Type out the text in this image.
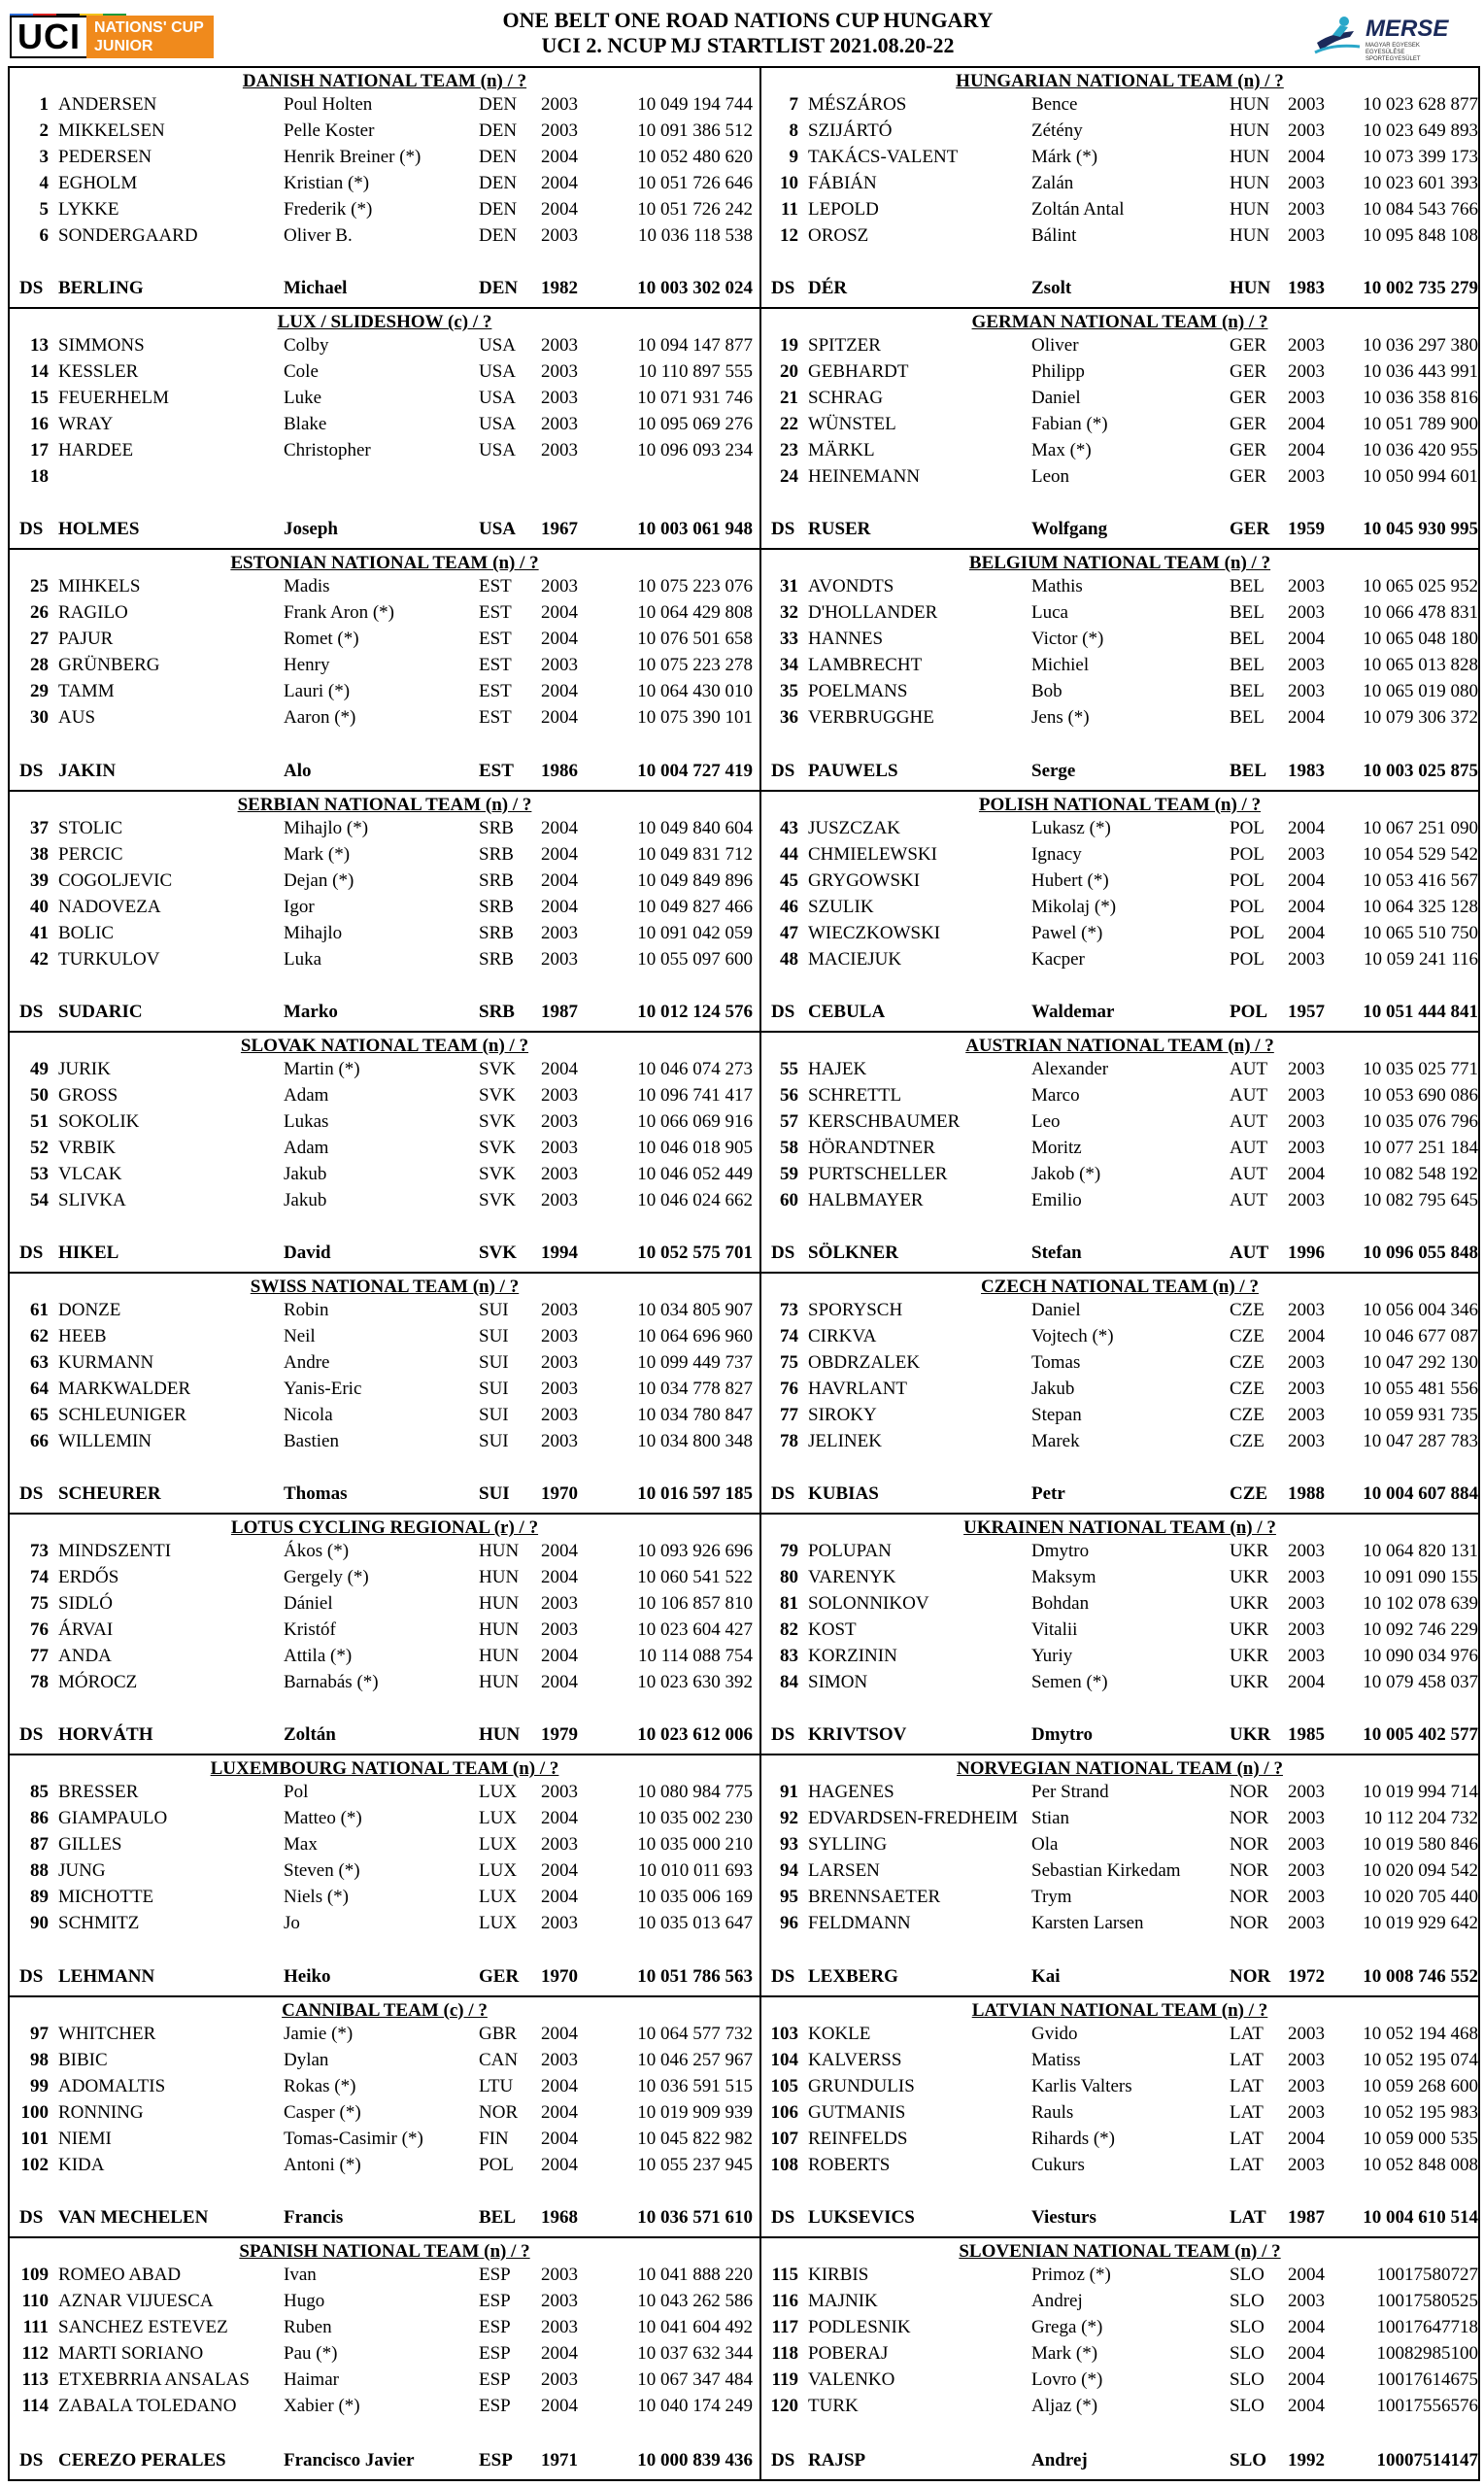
UCI NATIONS' CUP
JUNIOR
ONE BELT ONE ROAD NATIONS CUP HUNGARY
UCI 2. NCUP MJ STARTLIST 2021.08.20-22
MERSE
MAGYAR EGYESEK EGYESÜLÉSE SPORTEGYESÜLET
DANISH NATIONAL TEAM (n) / ?
1 ANDERSEN	Poul Holten	DEN	2003	10 049 194 744
2 MIKKELSEN	Pelle Koster	DEN	2003	10 091 386 512
3 PEDERSEN	Henrik Breiner (*)	DEN	2004	10 052 480 620
4 EGHOLM	Kristian (*)	DEN	2004	10 051 726 646
5 LYKKE	Frederik (*)	DEN	2004	10 051 726 242
6 SONDERGAARD	Oliver B.	DEN	2003	10 036 118 538
DS BERLING	Michael	DEN	1982	10 003 302 024
HUNGARIAN NATIONAL TEAM (n) / ?
7 MÉSZÁROS	Bence	HUN 2003	10 023 628 877
8 SZIJÁRTÓ	Zétény	HUN 2003	10 023 649 893
9 TAKÁCS-VALENT	Márk (*)	HUN 2004	10 073 399 173
10 FÁBIÁN	Zalán	HUN 2003	10 023 601 393
11 LEPOLD	Zoltán Antal	HUN 2003	10 084 543 766
12 OROSZ	Bálint	HUN 2003	10 095 848 108
DS DÉR	Zsolt	HUN 1983	10 002 735 279
LUX / SLIDESHOW (c) / ?
13 SIMMONS	Colby	USA	2003	10 094 147 877
14 KESSLER	Cole	USA	2003	10 110 897 555
15 FEUERHELM	Luke	USA	2003	10 071 931 746
16 WRAY	Blake	USA	2003	10 095 069 276
17 HARDEE	Christopher	USA	2003	10 096 093 234
18
DS HOLMES	Joseph	USA	1967	10 003 061 948
GERMAN NATIONAL TEAM (n) / ?
19 SPITZER	Oliver	GER	2003	10 036 297 380
20 GEBHARDT	Philipp	GER	2003	10 036 443 991
21 SCHRAG	Daniel	GER	2003	10 036 358 816
22 WÜNSTEL	Fabian (*)	GER	2004	10 051 789 900
23 MÄRKL	Max (*)	GER	2004	10 036 420 955
24 HEINEMANN	Leon	GER	2003	10 050 994 601
DS RUSER	Wolfgang	GER 1959	10 045 930 995
ESTONIAN NATIONAL TEAM (n) / ?
25 MIHKELS	Madis	EST	2003	10 075 223 076
26 RAGILO	Frank Aron (*)	EST	2004	10 064 429 808
27 PAJUR	Romet (*)	EST	2004	10 076 501 658
28 GRÜNBERG	Henry	EST	2003	10 075 223 278
29 TAMM	Lauri (*)	EST	2004	10 064 430 010
30 AUS	Aaron (*)	EST	2004	10 075 390 101
DS JAKIN	Alo	EST	1986	10 004 727 419
BELGIUM NATIONAL TEAM (n) / ?
31 AVONDTS	Mathis	BEL	2003	10 065 025 952
32 D'HOLLANDER	Luca	BEL	2003	10 066 478 831
33 HANNES	Victor (*)	BEL	2004	10 065 048 180
34 LAMBRECHT	Michiel	BEL	2003	10 065 013 828
35 POELMANS	Bob	BEL	2003	10 065 019 080
36 VERBRUGGHE	Jens (*)	BEL	2004	10 079 306 372
DS PAUWELS	Serge	BEL	1983	10 003 025 875
SERBIAN NATIONAL TEAM (n) / ?
37 STOLIC	Mihajlo (*)	SRB	2004	10 049 840 604
38 PERCIC	Mark (*)	SRB	2004	10 049 831 712
39 COGOLJEVIC	Dejan (*)	SRB	2004	10 049 849 896
40 NADOVEZA	Igor	SRB	2004	10 049 827 466
41 BOLIC	Mihajlo	SRB	2003	10 091 042 059
42 TURKULOV	Luka	SRB	2003	10 055 097 600
DS SUDARIC	Marko	SRB	1987	10 012 124 576
POLISH NATIONAL TEAM (n) / ?
43 JUSZCZAK	Lukasz (*)	POL	2004	10 067 251 090
44 CHMIELEWSKI	Ignacy	POL	2003	10 054 529 542
45 GRYGOWSKI	Hubert (*)	POL	2004	10 053 416 567
46 SZULIK	Mikolaj (*)	POL	2004	10 064 325 128
47 WIECZKOWSKI	Pawel (*)	POL	2004	10 065 510 750
48 MACIEJUK	Kacper	POL	2003	10 059 241 116
DS CEBULA	Waldemar	POL	1957	10 051 444 841
SLOVAK NATIONAL TEAM (n) / ?
49 JURIK	Martin (*)	SVK	2004	10 046 074 273
50 GROSS	Adam	SVK	2003	10 096 741 417
51 SOKOLIK	Lukas	SVK	2003	10 066 069 916
52 VRBIK	Adam	SVK	2003	10 046 018 905
53 VLCAK	Jakub	SVK	2003	10 046 052 449
54 SLIVKA	Jakub	SVK	2003	10 046 024 662
DS HIKEL	David	SVK	1994	10 052 575 701
AUSTRIAN NATIONAL TEAM (n) / ?
55 HAJEK	Alexander	AUT	2003	10 035 025 771
56 SCHRETTL	Marco	AUT	2003	10 053 690 086
57 KERSCHBAUMER	Leo	AUT	2003	10 035 076 796
58 HÖRANDTNER	Moritz	AUT	2003	10 077 251 184
59 PURTSCHELLER	Jakob (*)	AUT	2004	10 082 548 192
60 HALBMAYER	Emilio	AUT	2003	10 082 795 645
DS SÖLKNER	Stefan	AUT	1996	10 096 055 848
SWISS NATIONAL TEAM (n) / ?
61 DONZE	Robin	SUI	2003	10 034 805 907
62 HEEB	Neil	SUI	2003	10 064 696 960
63 KURMANN	Andre	SUI	2003	10 099 449 737
64 MARKWALDER	Yanis-Eric	SUI	2003	10 034 778 827
65 SCHLEUNIGER	Nicola	SUI	2003	10 034 780 847
66 WILLEMIN	Bastien	SUI	2003	10 034 800 348
DS SCHEURER	Thomas	SUI	1970	10 016 597 185
CZECH NATIONAL TEAM (n) / ?
73 SPORYSCH	Daniel	CZE	2003	10 056 004 346
74 CIRKVA	Vojtech (*)	CZE	2004	10 046 677 087
75 OBDRZALEK	Tomas	CZE	2003	10 047 292 130
76 HAVRLANT	Jakub	CZE	2003	10 055 481 556
77 SIROKY	Stepan	CZE	2003	10 059 931 735
78 JELINEK	Marek	CZE	2003	10 047 287 783
DS KUBIAS	Petr	CZE	1988	10 004 607 884
LOTUS CYCLING REGIONAL (r) / ?
73 MINDSZENTI	Ákos (*)	HUN	2004	10 093 926 696
74 ERDŐS	Gergely (*)	HUN	2004	10 060 541 522
75 SIDLÓ	Dániel	HUN	2003	10 106 857 810
76 ÁRVAI	Kristóf	HUN	2003	10 023 604 427
77 ANDA	Attila (*)	HUN	2004	10 114 088 754
78 MÓROCZ	Barnabás (*)	HUN	2004	10 023 630 392
DS HORVÁTH	Zoltán	HUN	1979	10 023 612 006
UKRAINEN NATIONAL TEAM (n) / ?
79 POLUPAN	Dmytro	UKR	2003	10 064 820 131
80 VARENYK	Maksym	UKR	2003	10 091 090 155
81 SOLONNIKOV	Bohdan	UKR	2003	10 102 078 639
82 KOST	Vitalii	UKR	2003	10 092 746 229
83 KORZININ	Yuriy	UKR	2003	10 090 034 976
84 SIMON	Semen (*)	UKR	2004	10 079 458 037
DS KRIVTSOV	Dmytro	UKR 1985	10 005 402 577
LUXEMBOURG NATIONAL TEAM (n) / ?
85 BRESSER	Pol	LUX	2003	10 080 984 775
86 GIAMPAULO	Matteo (*)	LUX	2004	10 035 002 230
87 GILLES	Max	LUX	2003	10 035 000 210
88 JUNG	Steven (*)	LUX	2004	10 010 011 693
89 MICHOTTE	Niels (*)	LUX	2004	10 035 006 169
90 SCHMITZ	Jo	LUX	2003	10 035 013 647
DS LEHMANN	Heiko	GER	1970	10 051 786 563
NORVEGIAN NATIONAL TEAM (n) / ?
91 HAGENES	Per Strand	NOR	2003	10 019 994 714
92 EDVARDSEN-FREDHEIM Stian	NOR	2003	10 112 204 732
93 SYLLING	Ola	NOR	2003	10 019 580 846
94 LARSEN	Sebastian Kirkedam	NOR	2003	10 020 094 542
95 BRENNSAETER	Trym	NOR	2003	10 020 705 440
96 FELDMANN	Karsten Larsen	NOR	2003	10 019 929 642
DS LEXBERG	Kai	NOR 1972	10 008 746 552
CANNIBAL TEAM (c) / ?
97 WHITCHER	Jamie (*)	GBR	2004	10 064 577 732
98 BIBIC	Dylan	CAN	2003	10 046 257 967
99 ADOMALTIS	Rokas (*)	LTU	2004	10 036 591 515
100 RONNING	Casper (*)	NOR	2004	10 019 909 939
101 NIEMI	Tomas-Casimir (*)	FIN	2004	10 045 822 982
102 KIDA	Antoni (*)	POL	2004	10 055 237 945
DS VAN MECHELEN	Francis	BEL	1968	10 036 571 610
LATVIAN NATIONAL TEAM (n) / ?
103 KOKLE	Gvido	LAT	2003	10 052 194 468
104 KALVERSS	Matiss	LAT	2003	10 052 195 074
105 GRUNDULIS	Karlis Valters	LAT	2003	10 059 268 600
106 GUTMANIS	Rauls	LAT	2003	10 052 195 983
107 REINFELDS	Rihards (*)	LAT	2004	10 059 000 535
108 ROBERTS	Cukurs	LAT	2003	10 052 848 008
DS LUKSEVICS	Viesturs	LAT	1987	10 004 610 514
SPANISH NATIONAL TEAM (n) / ?
109 ROMEO ABAD	Ivan	ESP	2003	10 041 888 220
110 AZNAR VIJUESCA	Hugo	ESP	2003	10 043 262 586
111 SANCHEZ ESTEVEZ	Ruben	ESP	2003	10 041 604 492
112 MARTI SORIANO	Pau (*)	ESP	2004	10 037 632 344
113 ETXEBRRIA ANSALAS	Haimar	ESP	2003	10 067 347 484
114 ZABALA TOLEDANO	Xabier (*)	ESP	2004	10 040 174 249
DS CEREZO PERALES	Francisco Javier	ESP	1971	10 000 839 436
SLOVENIAN NATIONAL TEAM (n) / ?
115 KIRBIS	Primoz (*)	SLO	2004	10017580727
116 MAJNIK	Andrej	SLO	2003	10017580525
117 PODLESNIK	Grega (*)	SLO	2004	10017647718
118 POBERAJ	Mark (*)	SLO	2004	10082985100
119 VALENKO	Lovro (*)	SLO	2004	10017614675
120 TURK	Aljaz (*)	SLO	2004	10017556576
DS RAJSP	Andrej	SLO	1992	10007514147
